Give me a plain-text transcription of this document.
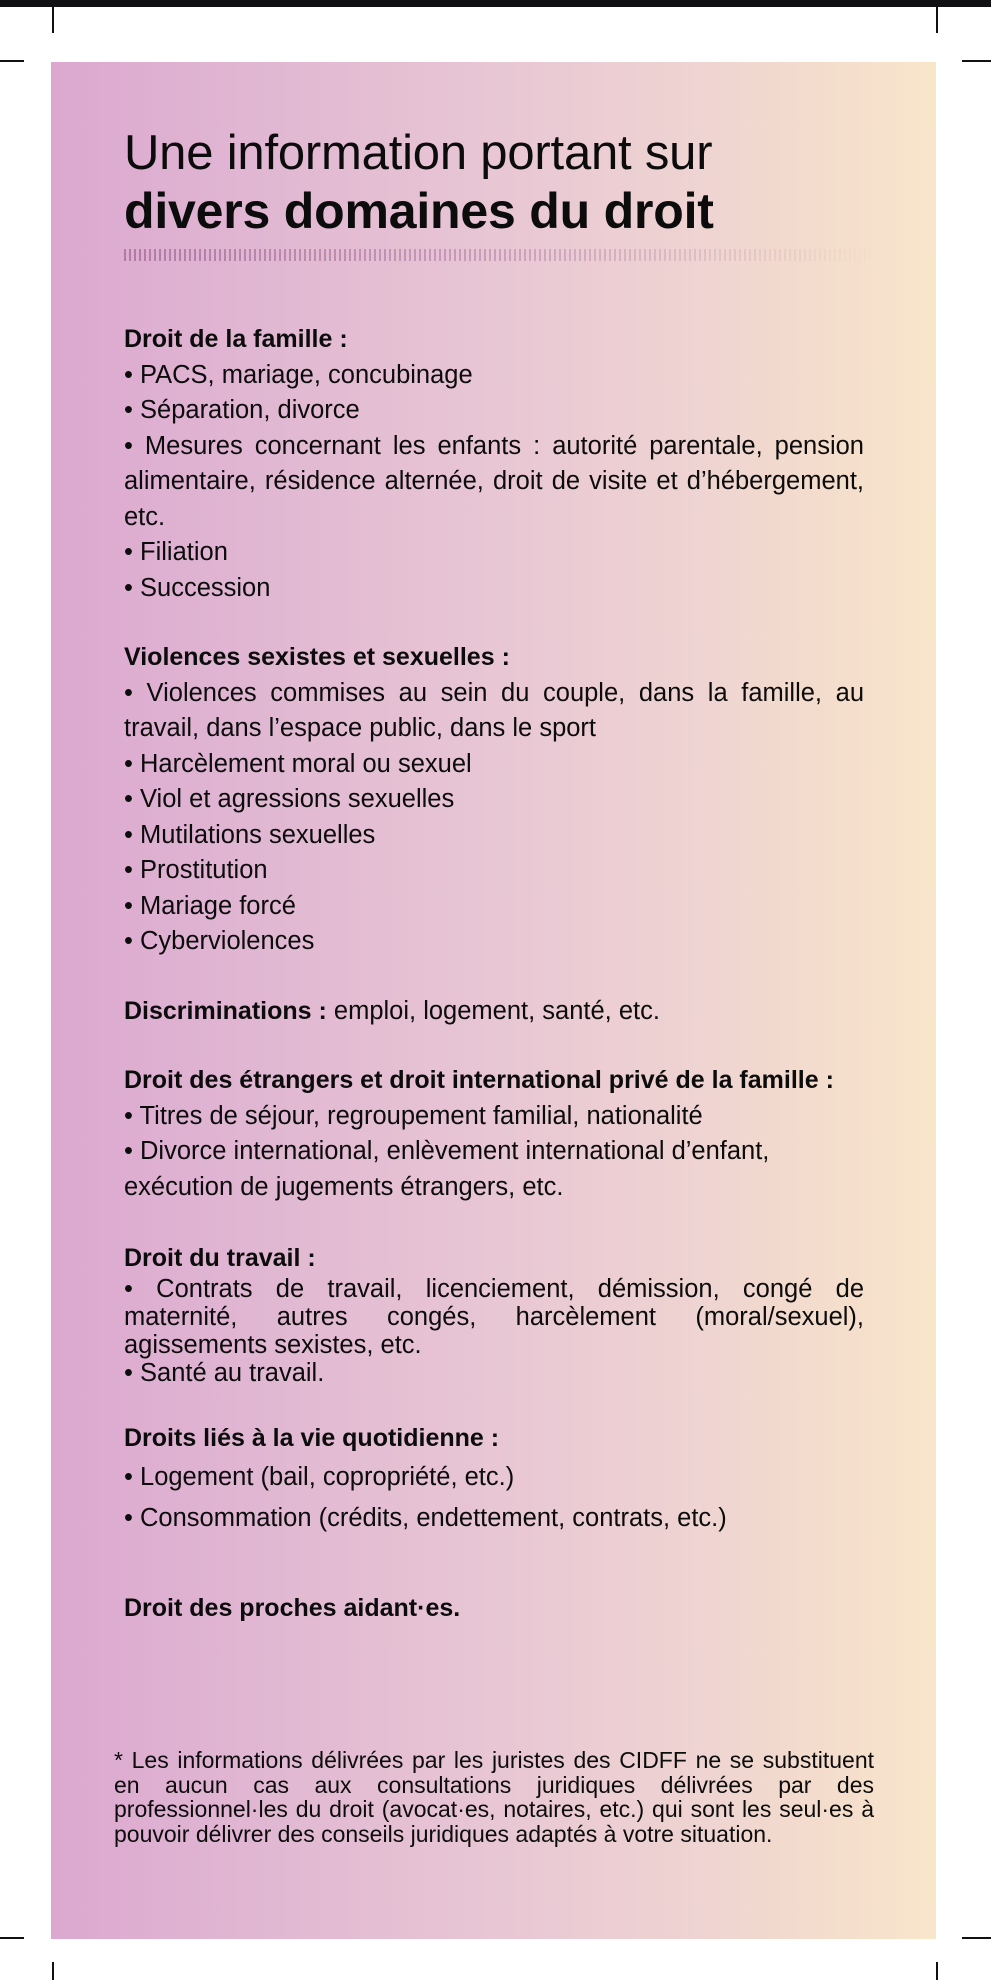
Une information portant sur
divers domaines du droit
Droit de la famille :
• PACS, mariage, concubinage
• Séparation, divorce
• Mesures concernant les enfants : autorité parentale, pension alimentaire, résidence alternée, droit de visite et d’hébergement, etc.
• Filiation
• Succession
Violences sexistes et sexuelles :
• Violences commises au sein du couple, dans la famille, au travail, dans l’espace public, dans le sport
• Harcèlement moral ou sexuel
• Viol et agressions sexuelles
• Mutilations sexuelles
• Prostitution
• Mariage forcé
• Cyberviolences
Discriminations : emploi, logement, santé, etc.
Droit des étrangers et droit international privé de la famille :
• Titres de séjour, regroupement familial, nationalité
• Divorce international, enlèvement international d’enfant, exécution de jugements étrangers, etc.
Droit du travail :
• Contrats de travail, licenciement, démission, congé de maternité, autres congés, harcèlement (moral/sexuel), agissements sexistes, etc.
• Santé au travail.
Droits liés à la vie quotidienne :
• Logement (bail, copropriété, etc.)
• Consommation (crédits, endettement, contrats, etc.)
Droit des proches aidant·es.

* Les informations délivrées par les juristes des CIDFF ne se substituent en aucun cas aux consultations juridiques délivrées par des professionnel·les du droit (avocat·es, notaires, etc.) qui sont les seul·es à pouvoir délivrer des conseils juridiques adaptés à votre situation.
